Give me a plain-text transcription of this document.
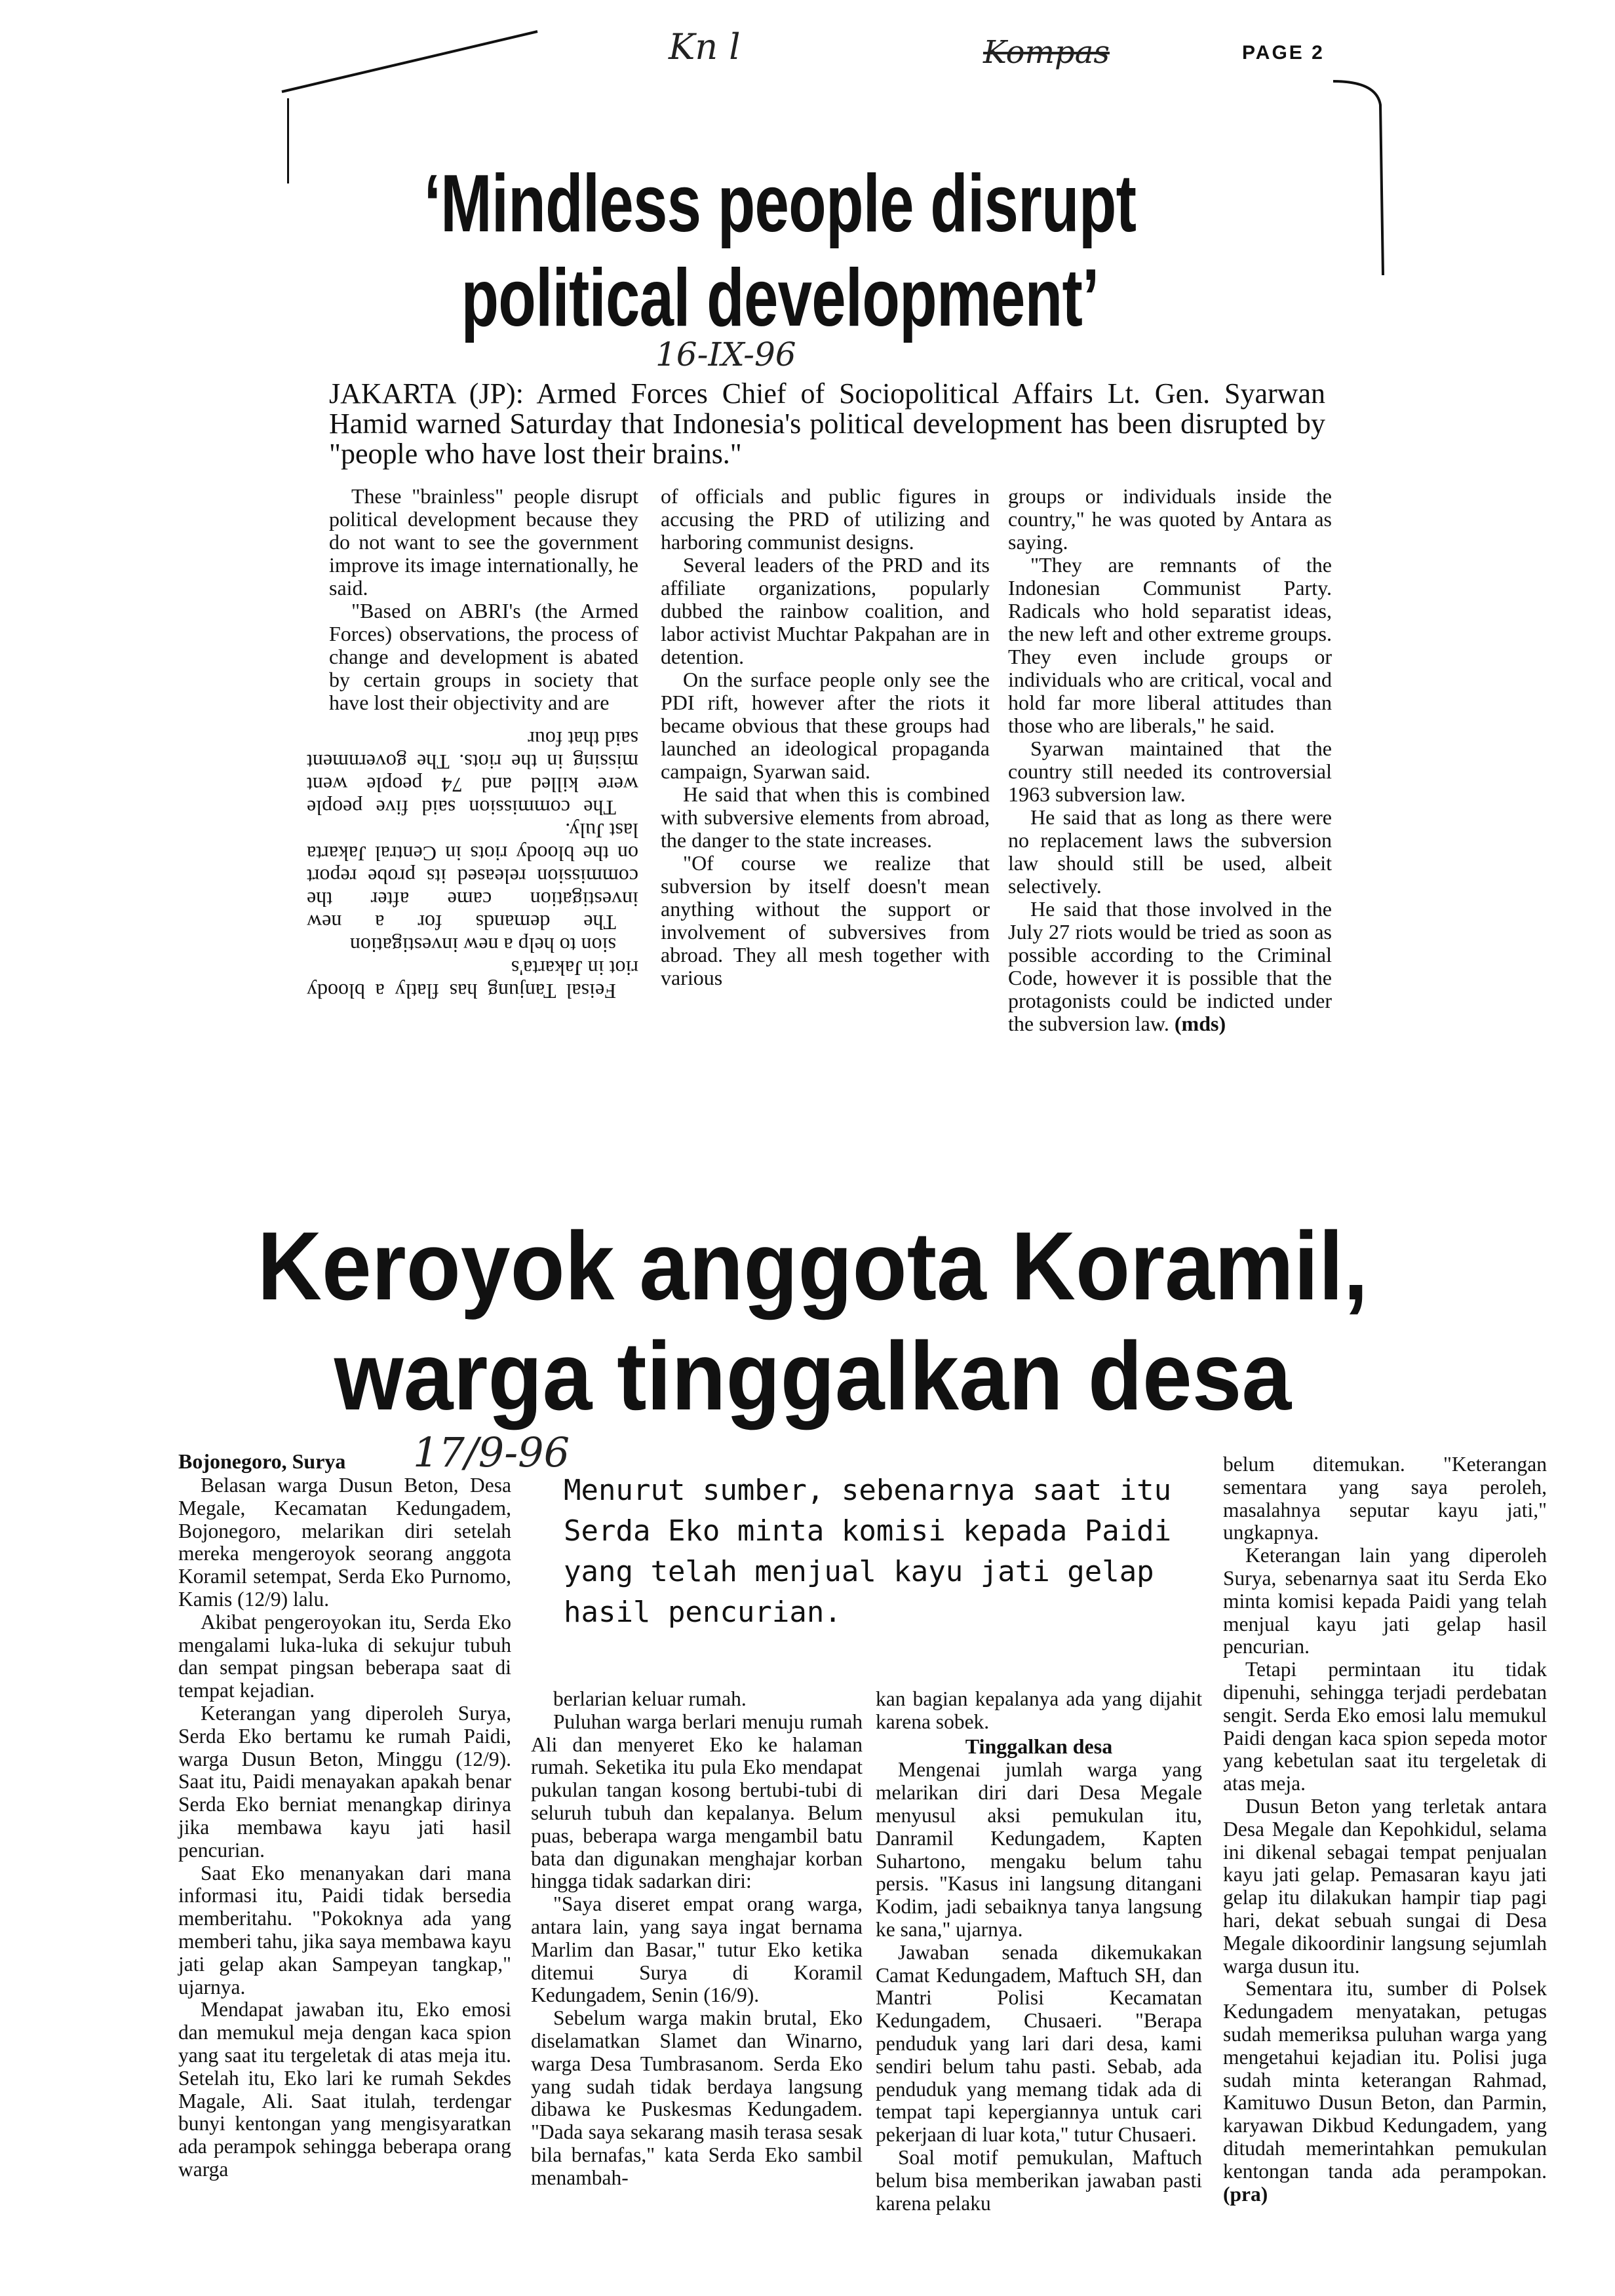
Kn l	Kompas	PAGE 2
‘Mindless people disrupt
political development’
16-IX-96
JAKARTA (JP): Armed Forces Chief of Sociopolitical Affairs Lt. Gen. Syarwan Hamid warned Saturday that Indonesia's political development has been disrupted by "people who have lost their brains."

These "brainless" people disrupt political development because they do not want to see the government improve its image internationally, he said.

"Based on ABRI's (the Armed Forces) observations, the process of change and development is abated by certain groups in society that have lost their objectivity and are

Feisal Tanjung has flatly a bloody riot in Jakarta's

sion to help a new investigation

The demands for a new investigation came after the commission released its probe report on the bloody riots in Central Jakarta last July.

The commission said five people were killed and 74 people went missing in the riots. The government said that four

of officials and public figures in accusing the PRD of utilizing and harboring communist designs.

Several leaders of the PRD and its affiliate organizations, popularly dubbed the rainbow coalition, and labor activist Muchtar Pakpahan are in detention.

On the surface people only see the PDI rift, however after the riots it became obvious that these groups had launched an ideological propaganda campaign, Syarwan said.

He said that when this is combined with subversive elements from abroad, the danger to the state increases.

"Of course we realize that subversion by itself doesn't mean anything without the support or involvement of subversives from abroad. They all mesh together with various

groups or individuals inside the country," he was quoted by Antara as saying.

"They are remnants of the Indonesian Communist Party. Radicals who hold separatist ideas, the new left and other extreme groups. They even include groups or individuals who are critical, vocal and hold far more liberal attitudes than those who are liberals," he said.

Syarwan maintained that the country still needed its controversial 1963 subversion law.

He said that as long as there were no replacement laws the subversion law should still be used, albeit selectively.

He said that those involved in the July 27 riots would be tried as soon as possible according to the Criminal Code, however it is possible that the protagonists could be indicted under the subversion law. (mds)

Keroyok anggota Koramil,
warga tinggalkan desa
Bojonegoro, Surya 17/9-96
Menurut sumber, sebenarnya saat itu Serda Eko minta komisi kepada Paidi yang telah menjual kayu jati gelap hasil pencurian.

Belasan warga Dusun Beton, Desa Megale, Kecamatan Kedungadem, Bojonegoro, melarikan diri setelah mereka mengeroyok seorang anggota Koramil setempat, Serda Eko Purnomo, Kamis (12/9) lalu.

Akibat pengeroyokan itu, Serda Eko mengalami luka-luka di sekujur tubuh dan sempat pingsan beberapa saat di tempat kejadian.

Keterangan yang diperoleh Surya, Serda Eko bertamu ke rumah Paidi, warga Dusun Beton, Minggu (12/9). Saat itu, Paidi menayakan apakah benar Serda Eko berniat menangkap dirinya jika membawa kayu jati hasil pencurian.

Saat Eko menanyakan dari mana informasi itu, Paidi tidak bersedia memberitahu. "Pokoknya ada yang memberi tahu, jika saya membawa kayu jati gelap akan Sampeyan tangkap," ujarnya.

Mendapat jawaban itu, Eko emosi dan memukul meja dengan kaca spion yang saat itu tergeletak di atas meja itu. Setelah itu, Eko lari ke rumah Sekdes Magale, Ali. Saat itulah, terdengar bunyi kentongan yang mengisyaratkan ada perampok sehingga beberapa orang warga

berlarian keluar rumah.

Puluhan warga berlari menuju rumah Ali dan menyeret Eko ke halaman rumah. Seketika itu pula Eko mendapat pukulan tangan kosong bertubi-tubi di seluruh tubuh dan kepalanya. Belum puas, beberapa warga mengambil batu bata dan digunakan menghajar korban hingga tidak sadarkan diri:

"Saya diseret empat orang warga, antara lain, yang saya ingat bernama Marlim dan Basar," tutur Eko ketika ditemui Surya di Koramil Kedungadem, Senin (16/9).

Sebelum warga makin brutal, Eko diselamatkan Slamet dan Winarno, warga Desa Tumbrasanom. Serda Eko yang sudah tidak berdaya langsung dibawa ke Puskesmas Kedungadem. "Dada saya sekarang masih terasa sesak bila bernafas," kata Serda Eko sambil menambah-

kan bagian kepalanya ada yang dijahit karena sobek.

Tinggalkan desa

Mengenai jumlah warga yang melarikan diri dari Desa Megale menyusul aksi pemukulan itu, Danramil Kedungadem, Kapten Suhartono, mengaku belum tahu persis. "Kasus ini langsung ditangani Kodim, jadi sebaiknya tanya langsung ke sana," ujarnya.

Jawaban senada dikemukakan Camat Kedungadem, Maftuch SH, dan Mantri Polisi Kecamatan Kedungadem, Chusaeri. "Berapa penduduk yang lari dari desa, kami sendiri belum tahu pasti. Sebab, ada penduduk yang memang tidak ada di tempat tapi kepergiannya untuk cari pekerjaan di luar kota," tutur Chusaeri.

Soal motif pemukulan, Maftuch belum bisa memberikan jawaban pasti karena pelaku

belum ditemukan. "Keterangan sementara yang saya peroleh, masalahnya seputar kayu jati," ungkapnya.

Keterangan lain yang diperoleh Surya, sebenarnya saat itu Serda Eko minta komisi kepada Paidi yang telah menjual kayu jati gelap hasil pencurian.

Tetapi permintaan itu tidak dipenuhi, sehingga terjadi perdebatan sengit. Serda Eko emosi lalu memukul Paidi dengan kaca spion sepeda motor yang kebetulan saat itu tergeletak di atas meja.

Dusun Beton yang terletak antara Desa Megale dan Kepohkidul, selama ini dikenal sebagai tempat penjualan kayu jati gelap. Pemasaran kayu jati gelap itu dilakukan hampir tiap pagi hari, dekat sebuah sungai di Desa Megale dikoordinir langsung sejumlah warga dusun itu.

Sementara itu, sumber di Polsek Kedungadem menyatakan, petugas sudah memeriksa puluhan warga yang mengetahui kejadian itu. Polisi juga sudah minta keterangan Rahmad, Kamituwo Dusun Beton, dan Parmin, karyawan Dikbud Kedungadem, yang ditudah memerintahkan pemukulan kentongan tanda ada perampokan. (pra)
